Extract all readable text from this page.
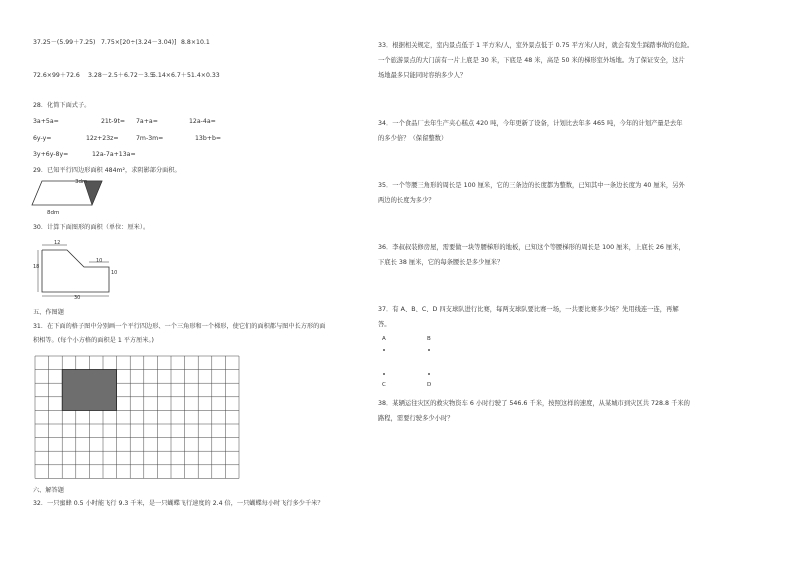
37.25－(5.99＋7.25) 7.75×[20÷(3.24－3.04)] 8.8×10.1
72.6×99＋72.6 3.28－2.5＋6.72－3.5
5.14×6.7＋51.4×0.33
28．化简下面式子。
3a+5a=	21t-9t= 7a+a=	12a-4a=
6y-y=	12z+23z=	7m-3m=	13b+b=
3y+6y-8y=	12a-7a+13a=
29．已知平行四边形面积 484m²，求阴影部分面积。
3dm
8dm
30．计算下面图形的面积（单位：厘米）。
12
18
10
10
30
五、作图题
31．在下面的格子图中分别画一个平行四边形、一个三角形和一个梯形，使它们的面积都与图中长方形的面
积相等。(每个小方格的面积是 1 平方厘米。)
六、解答题
32．一只蜜蜂 0.5 小时能飞行 9.3 千米，是一只蝴蝶飞行速度的 2.4 倍，一只蝴蝶每小时飞行多少千米？
33．根据相关规定，室内景点低于 1 平方米/人，室外景点低于 0.75 平方米/人时，就会有发生踩踏事故的危险。
一个旅游景点的大门前有一片上底是 30 米，下底是 48 米，高是 50 米的梯形室外场地。为了保证安全，这片
场地最多只能同时容纳多少人？
34．一个食品厂去年生产夹心糕点 420 吨，今年更新了设备，计划比去年多 465 吨，今年的计划产量是去年
的多少倍？（保留整数）
35．一个等腰三角形的周长是 100 厘米，它的三条边的长度都为整数，已知其中一条边长度为 40 厘米，另外
两边的长度为多少？
36．李叔叔装修房屋，需要做一块等腰梯形的地板，已知这个等腰梯形的周长是 100 厘米，上底长 26 厘米，
下底长 38 厘米，它的每条腰长是多少厘米？
37．有 A、B、C、D 四支球队进行比赛，每两支球队要比赛一场，一共要比赛多少场？先用线连一连，再解
答。
A	B
C	D
38．某辆运往灾区的救灾物资车 6 小时行驶了 546.6 千米，按照这样的速度，从某城市到灾区共 728.8 千米的
路程，需要行驶多少小时？
